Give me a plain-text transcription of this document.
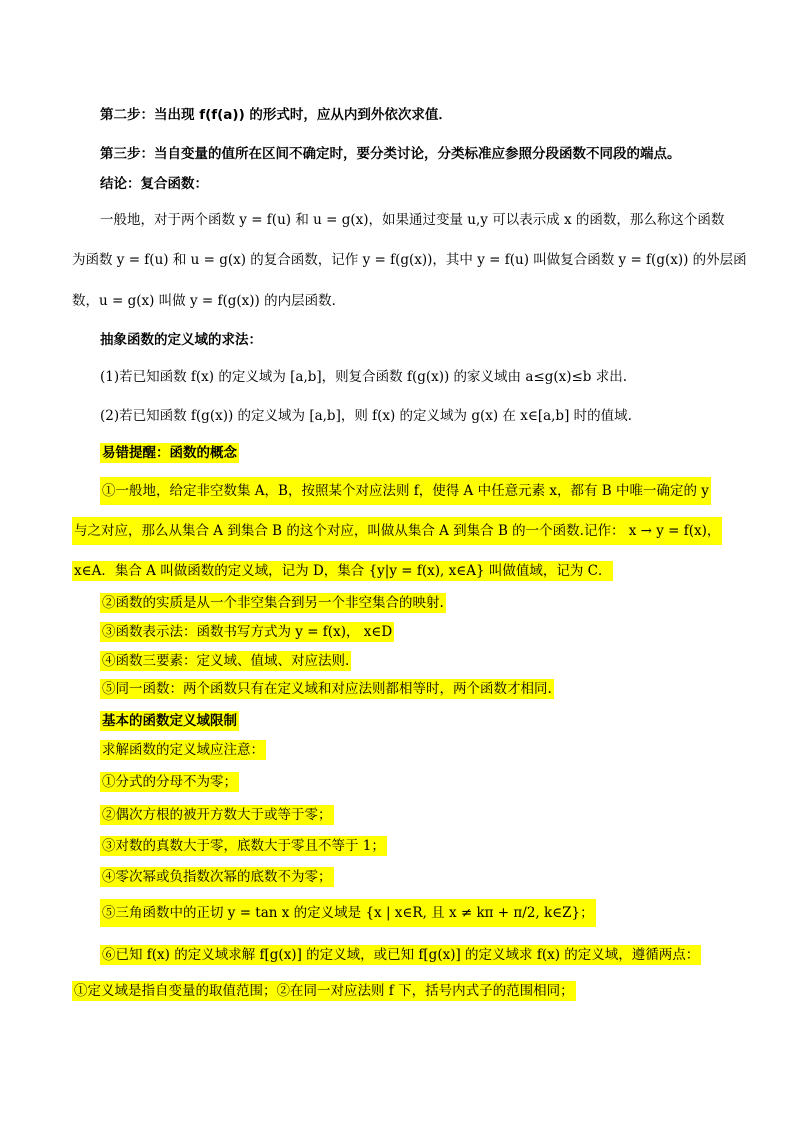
第二步：当出现 f(f(a)) 的形式时，应从内到外依次求值．
第三步：当自变量的值所在区间不确定时，要分类讨论，分类标准应参照分段函数不同段的端点。
结论：复合函数：
一般地，对于两个函数 y = f(u) 和 u = g(x)，如果通过变量 u,y 可以表示成 x 的函数，那么称这个函数
为函数 y = f(u) 和 u = g(x) 的复合函数，记作 y = f(g(x))，其中 y = f(u) 叫做复合函数 y = f(g(x)) 的外层函
数，u = g(x) 叫做 y = f(g(x)) 的内层函数．
抽象函数的定义域的求法：
(1)若已知函数 f(x) 的定义域为 [a,b]，则复合函数 f(g(x)) 的家义域由 a≤g(x)≤b 求出.
(2)若已知函数 f(g(x)) 的定义域为 [a,b]，则 f(x) 的定义域为 g(x) 在 x∈[a,b] 时的值域.
易错提醒：函数的概念
①一般地，给定非空数集 A，B，按照某个对应法则 f，使得 A 中任意元素 x，都有 B 中唯一确定的 y
与之对应，那么从集合 A 到集合 B 的这个对应，叫做从集合 A 到集合 B 的一个函数.记作： x → y = f(x)，
x∈A．集合 A 叫做函数的定义域，记为 D，集合 {y|y = f(x), x∈A} 叫做值域，记为 C．
②函数的实质是从一个非空集合到另一个非空集合的映射.
③函数表示法：函数书写方式为 y = f(x)， x∈D
④函数三要素：定义域、值域、对应法则.
⑤同一函数：两个函数只有在定义域和对应法则都相等时，两个函数才相同.
基本的函数定义域限制
求解函数的定义域应注意：
①分式的分母不为零；
②偶次方根的被开方数大于或等于零；
③对数的真数大于零，底数大于零且不等于 1；
④零次幂或负指数次幂的底数不为零；
⑤三角函数中的正切 y = tan x 的定义域是 {x | x∈R, 且 x ≠ kπ + π/2, k∈Z}；
⑥已知 f(x) 的定义域求解 f[g(x)] 的定义域，或已知 f[g(x)] 的定义域求 f(x) 的定义域，遵循两点：
①定义域是指自变量的取值范围；②在同一对应法则 f 下，括号内式子的范围相同；
